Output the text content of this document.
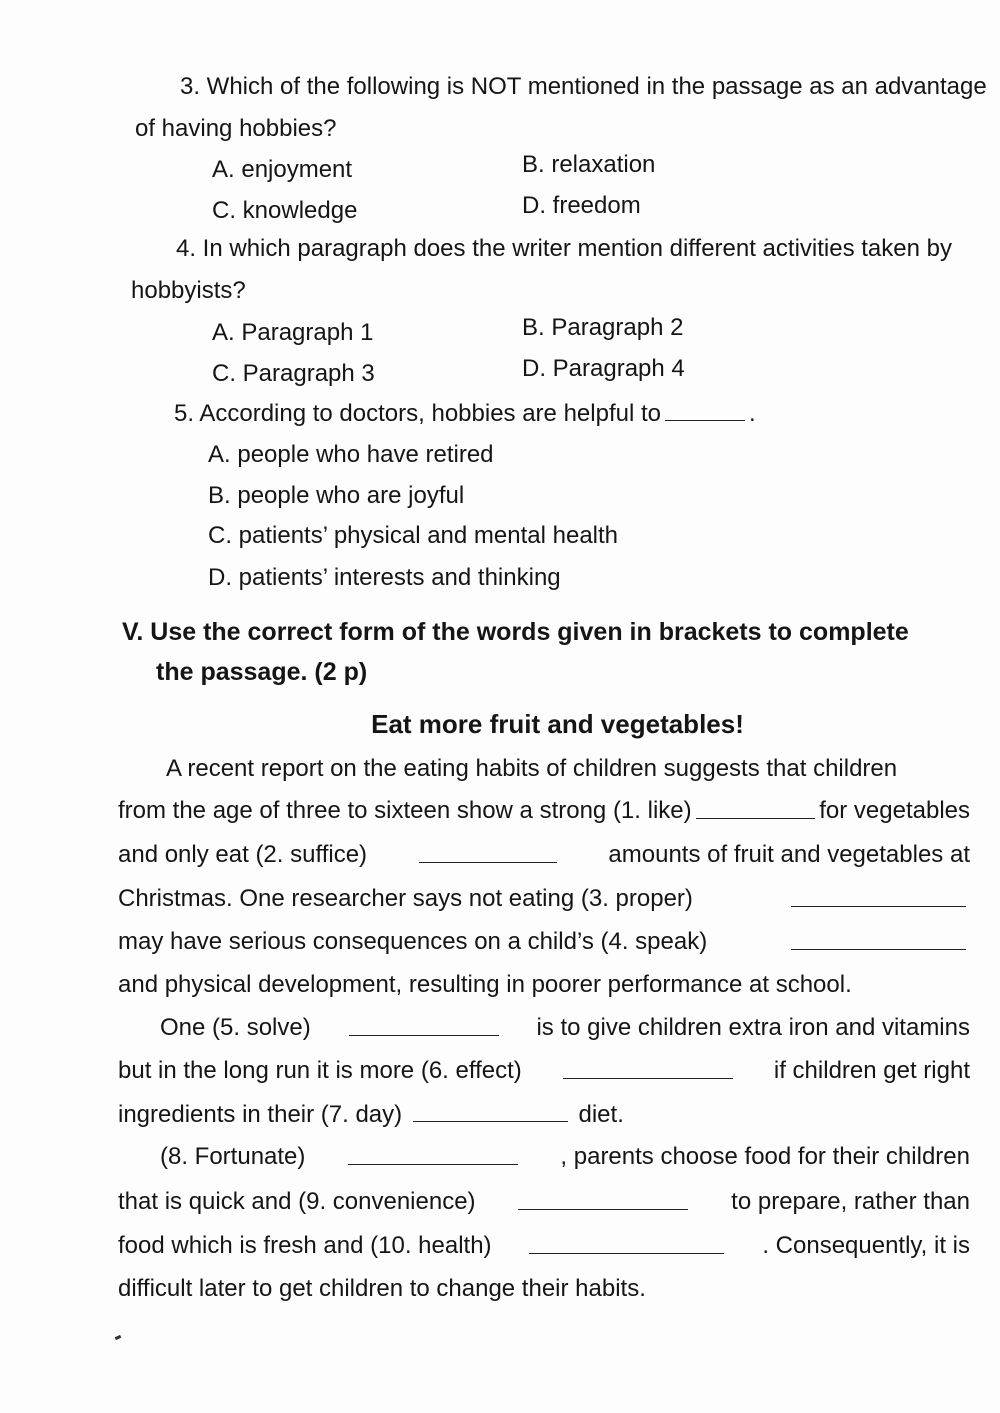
3. Which of the following is NOT mentioned in the passage as an advantage
of having hobbies?
A. enjoyment	B. relaxation
C. knowledge	D. freedom
4. In which paragraph does the writer mention different activities taken by
hobbyists?
A. Paragraph 1	B. Paragraph 2
C. Paragraph 3	D. Paragraph 4
5. According to doctors, hobbies are helpful to	.
A. people who have retired
B. people who are joyful
C. patients’ physical and mental health
D. patients’ interests and thinking
V. Use the correct form of the words given in brackets to complete
the passage. (2 p)
Eat more fruit and vegetables!
A recent report on the eating habits of children suggests that children
from the age of three to sixteen show a strong (1. like)	for vegetables
and only eat (2. suffice)	amounts of fruit and vegetables at
Christmas. One researcher says not eating (3. proper)
may have serious consequences on a child’s (4. speak)
and physical development, resulting in poorer performance at school.
One (5. solve)	is to give children extra iron and vitamins
but in the long run it is more (6. effect)	if children get right
ingredients in their (7. day)	diet.
(8. Fortunate)	, parents choose food for their children
that is quick and (9. convenience)	to prepare, rather than
food which is fresh and (10. health)	. Consequently, it is
difficult later to get children to change their habits.
